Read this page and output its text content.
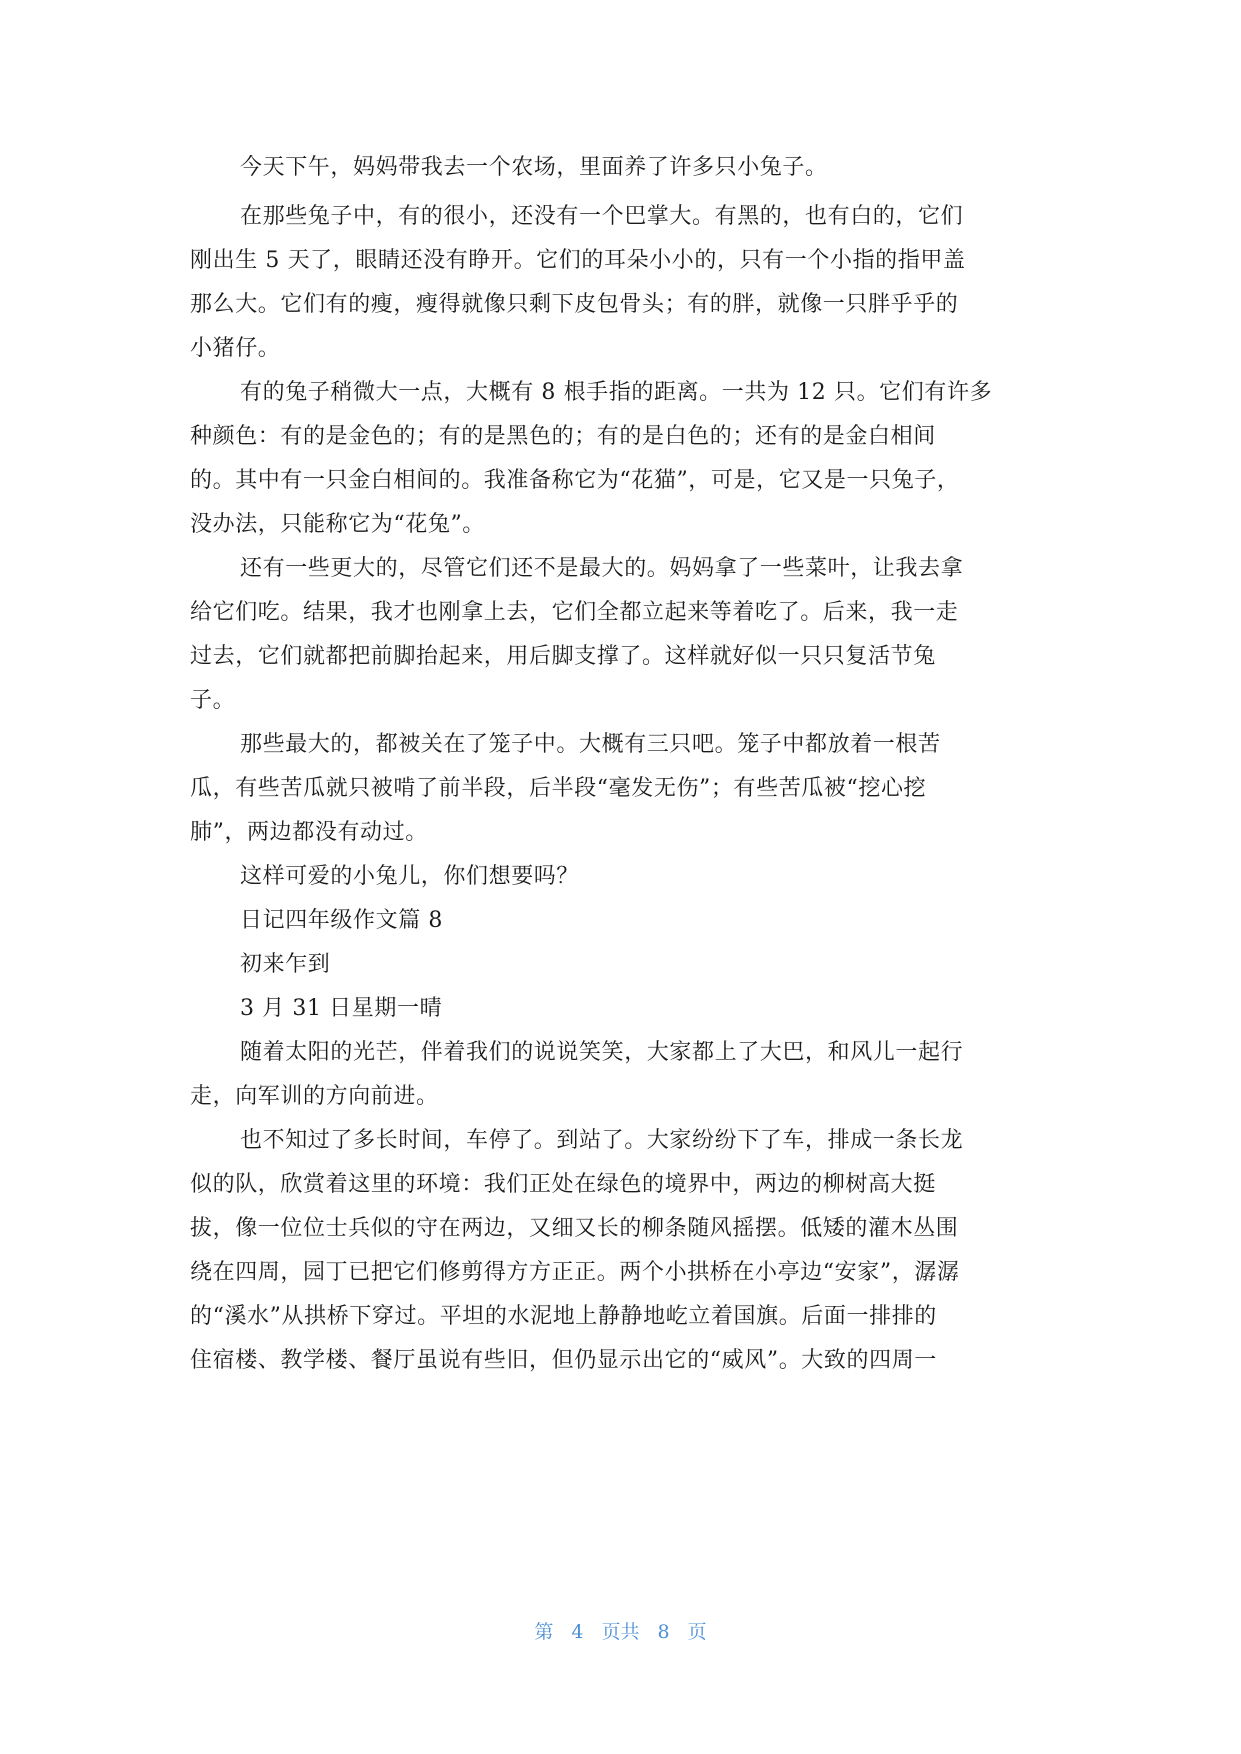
今天下午，妈妈带我去一个农场，里面养了许多只小兔子。
在那些兔子中，有的很小，还没有一个巴掌大。有黑的，也有白的，它们
刚出生 5 天了，眼睛还没有睁开。它们的耳朵小小的，只有一个小指的指甲盖
那么大。它们有的瘦，瘦得就像只剩下皮包骨头；有的胖，就像一只胖乎乎的
小猪仔。
有的兔子稍微大一点，大概有 8 根手指的距离。一共为 12 只。它们有许多
种颜色：有的是金色的；有的是黑色的；有的是白色的；还有的是金白相间
的。其中有一只金白相间的。我准备称它为“花猫”，可是，它又是一只兔子，
没办法，只能称它为“花兔”。
还有一些更大的，尽管它们还不是最大的。妈妈拿了一些菜叶，让我去拿
给它们吃。结果，我才也刚拿上去，它们全都立起来等着吃了。后来，我一走
过去，它们就都把前脚抬起来，用后脚支撑了。这样就好似一只只复活节兔
子。
那些最大的，都被关在了笼子中。大概有三只吧。笼子中都放着一根苦
瓜，有些苦瓜就只被啃了前半段，后半段“毫发无伤”；有些苦瓜被“挖心挖
肺”，两边都没有动过。
这样可爱的小兔儿，你们想要吗？
日记四年级作文篇 8
初来乍到
3 月 31 日星期一晴
随着太阳的光芒，伴着我们的说说笑笑，大家都上了大巴，和风儿一起行
走，向军训的方向前进。
也不知过了多长时间，车停了。到站了。大家纷纷下了车，排成一条长龙
似的队，欣赏着这里的环境：我们正处在绿色的境界中，两边的柳树高大挺
拔，像一位位士兵似的守在两边，又细又长的柳条随风摇摆。低矮的灌木丛围
绕在四周，园丁已把它们修剪得方方正正。两个小拱桥在小亭边“安家”，潺潺
的“溪水”从拱桥下穿过。平坦的水泥地上静静地屹立着国旗。后面一排排的
住宿楼、教学楼、餐厅虽说有些旧，但仍显示出它的“威风”。大致的四周一
第 4 页共 8 页
